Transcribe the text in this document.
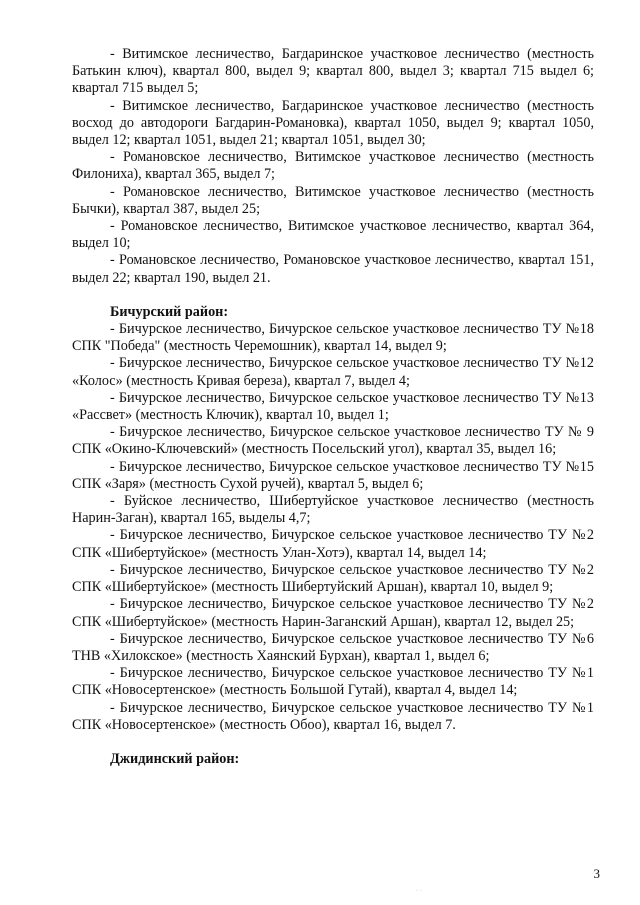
- Витимское лесничество, Багдаринское участковое лесничество (местность Батькин ключ), квартал 800, выдел 9; квартал 800, выдел 3; квартал 715 выдел 6; квартал 715 выдел 5;

- Витимское лесничество, Багдаринское участковое лесничество (местность восход до автодороги Багдарин-Романовка), квартал 1050, выдел 9; квартал 1050, выдел 12; квартал 1051, выдел 21; квартал 1051, выдел 30;

- Романовское лесничество, Витимское участковое лесничество (местность Филониха), квартал 365, выдел 7;

- Романовское лесничество, Витимское участковое лесничество (местность Бычки), квартал 387, выдел 25;

- Романовское лесничество, Витимское участковое лесничество, квартал 364, выдел 10;

- Романовское лесничество, Романовское участковое лесничество, квартал 151, выдел 22; квартал 190, выдел 21.

Бичурский район:

- Бичурское лесничество, Бичурское сельское участковое лесничество ТУ №18 СПК "Победа" (местность Черемошник), квартал 14, выдел 9;

- Бичурское лесничество, Бичурское сельское участковое лесничество ТУ №12 «Колос» (местность Кривая береза), квартал 7, выдел 4;

- Бичурское лесничество, Бичурское сельское участковое лесничество ТУ №13 «Рассвет» (местность Ключик), квартал 10, выдел 1;

- Бичурское лесничество, Бичурское сельское участковое лесничество ТУ № 9 СПК «Окино-Ключевский» (местность Посельский угол), квартал 35, выдел 16;

- Бичурское лесничество, Бичурское сельское участковое лесничество ТУ №15 СПК «Заря» (местность Сухой ручей), квартал 5, выдел 6;

- Буйское лесничество, Шибертуйское участковое лесничество (местность Нарин-Заган), квартал 165, выделы 4,7;

- Бичурское лесничество, Бичурское сельское участковое лесничество ТУ №2 СПК «Шибертуйское» (местность Улан-Хотэ), квартал 14, выдел 14;

- Бичурское лесничество, Бичурское сельское участковое лесничество ТУ №2 СПК «Шибертуйское» (местность Шибертуйский Аршан), квартал 10, выдел 9;

- Бичурское лесничество, Бичурское сельское участковое лесничество ТУ №2 СПК «Шибертуйское» (местность Нарин-Заганский Аршан), квартал 12, выдел 25;

- Бичурское лесничество, Бичурское сельское участковое лесничество ТУ №6 ТНВ «Хилокское» (местность Хаянский Бурхан), квартал 1, выдел 6;

- Бичурское лесничество, Бичурское сельское участковое лесничество ТУ №1 СПК «Новосертенское» (местность Большой Гутай), квартал 4, выдел 14;

- Бичурское лесничество, Бичурское сельское участковое лесничество ТУ №1 СПК «Новосертенское» (местность Обоо), квартал 16, выдел 7.

Джидинский район:

3
··
